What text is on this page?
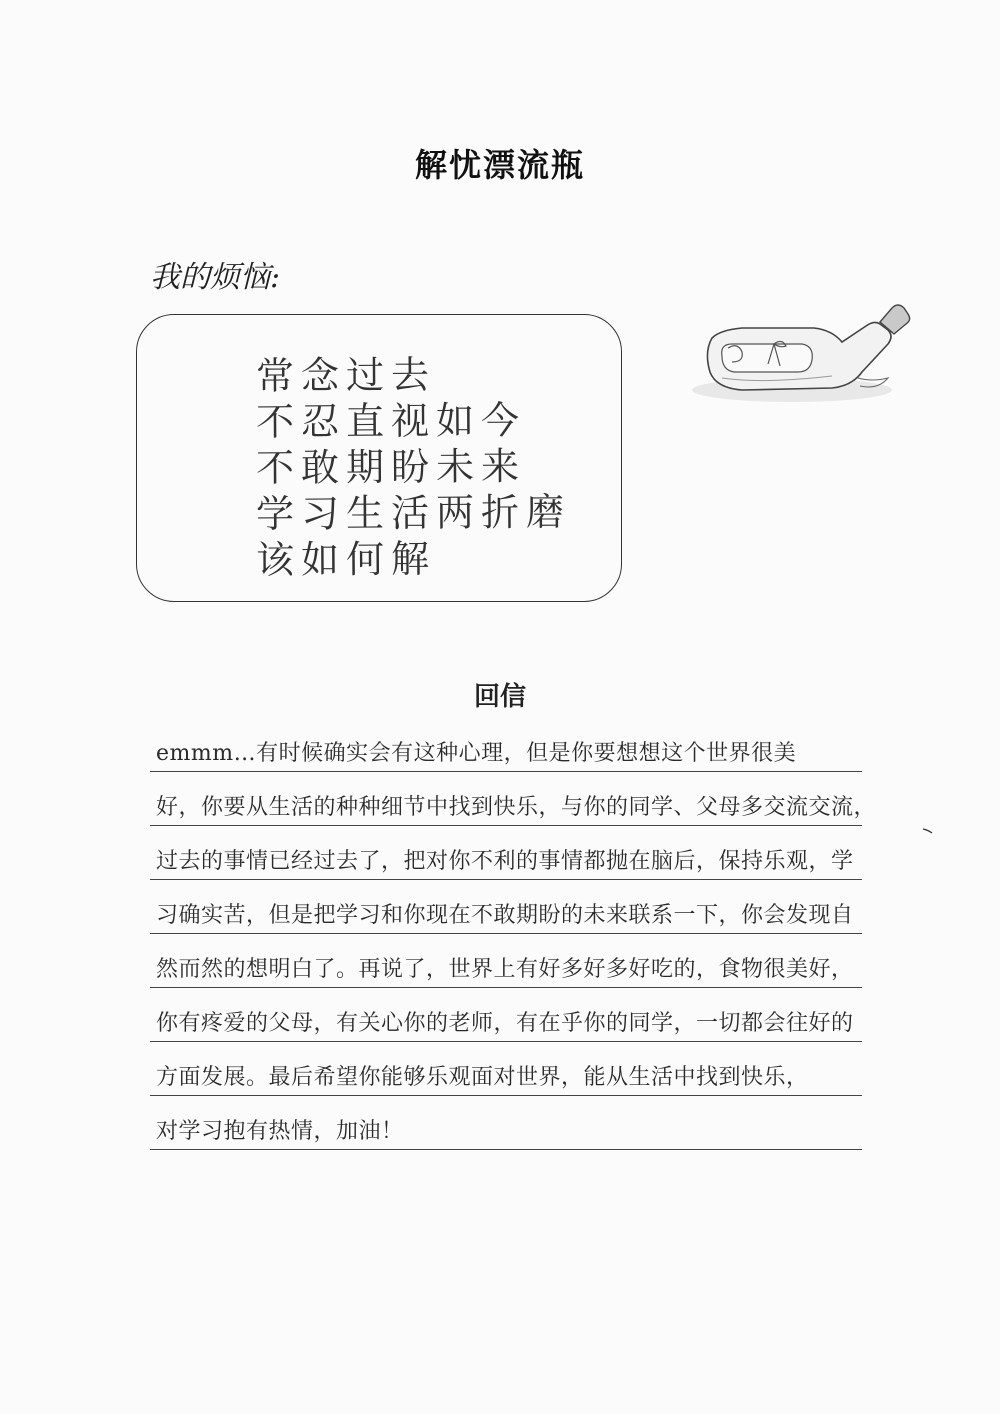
解忧漂流瓶
我的烦恼:
常念过去
不忍直视如今
不敢期盼未来
学习生活两折磨
该如何解
回信
emmm…有时候确实会有这种心理，但是你要想想这个世界很美
好，你要从生活的种种细节中找到快乐，与你的同学、父母多交流交流，
过去的事情已经过去了，把对你不利的事情都抛在脑后，保持乐观，学
习确实苦，但是把学习和你现在不敢期盼的未来联系一下，你会发现自
然而然的想明白了。再说了，世界上有好多好多好吃的，食物很美好，
你有疼爱的父母，有关心你的老师，有在乎你的同学，一切都会往好的
方面发展。最后希望你能够乐观面对世界，能从生活中找到快乐，
对学习抱有热情，加油！
